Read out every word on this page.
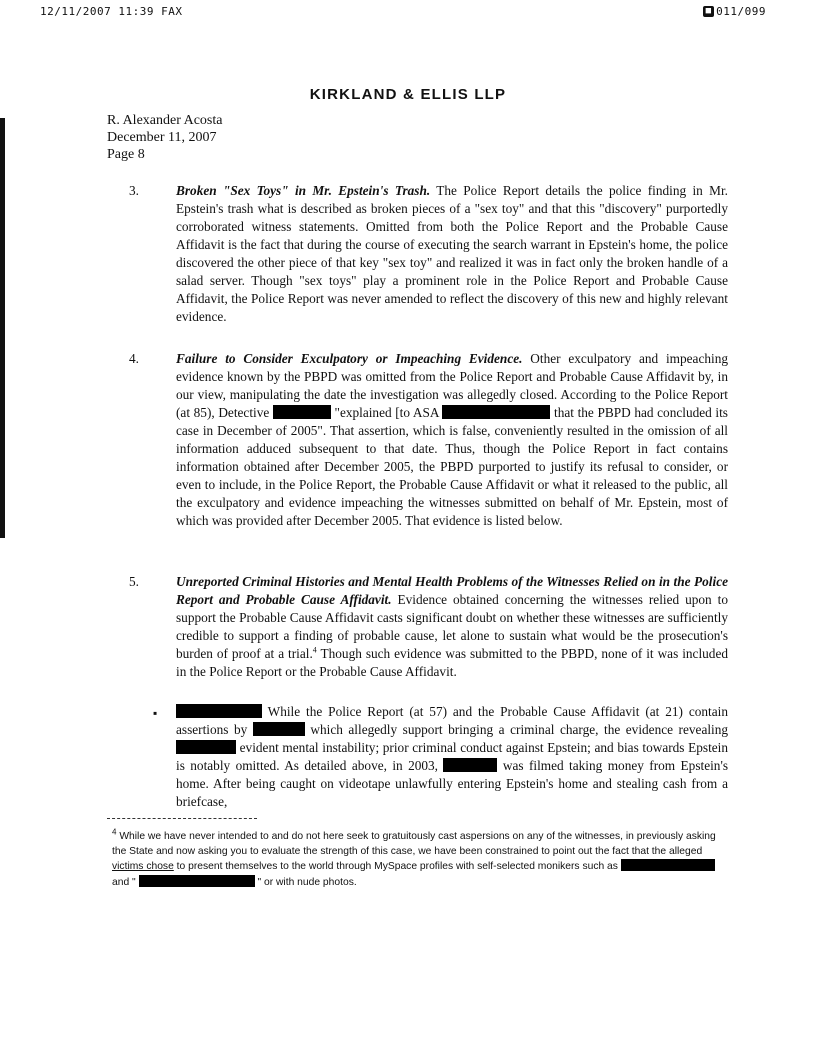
12/11/2007 11:39 FAX	■ 011/099
KIRKLAND & ELLIS LLP
R. Alexander Acosta
December 11, 2007
Page 8
3.	Broken "Sex Toys" in Mr. Epstein's Trash. The Police Report details the police finding in Mr. Epstein's trash what is described as broken pieces of a "sex toy" and that this "discovery" purportedly corroborated witness statements. Omitted from both the Police Report and the Probable Cause Affidavit is the fact that during the course of executing the search warrant in Epstein's home, the police discovered the other piece of that key "sex toy" and realized it was in fact only the broken handle of a salad server. Though "sex toys" play a prominent role in the Police Report and Probable Cause Affidavit, the Police Report was never amended to reflect the discovery of this new and highly relevant evidence.
4.	Failure to Consider Exculpatory or Impeaching Evidence. Other exculpatory and impeaching evidence known by the PBPD was omitted from the Police Report and Probable Cause Affidavit by, in our view, manipulating the date the investigation was allegedly closed. According to the Police Report (at 85), Detective	"explained [to ASA	that the PBPD had concluded its case in December of 2005". That assertion, which is false, conveniently resulted in the omission of all information adduced subsequent to that date. Thus, though the Police Report in fact contains information obtained after December 2005, the PBPD purported to justify its refusal to consider, or even to include, in the Police Report, the Probable Cause Affidavit or what it released to the public, all the exculpatory and evidence impeaching the witnesses submitted on behalf of Mr. Epstein, most of which was provided after December 2005. That evidence is listed below.
5.	Unreported Criminal Histories and Mental Health Problems of the Witnesses Relied on in the Police Report and Probable Cause Affidavit. Evidence obtained concerning the witnesses relied upon to support the Probable Cause Affidavit casts significant doubt on whether these witnesses are sufficiently credible to support a finding of probable cause, let alone to sustain what would be the prosecution's burden of proof at a trial.$^4$ Though such evidence was submitted to the PBPD, none of it was included in the Police Report or the Probable Cause Affidavit.
▪	While the Police Report (at 57) and the Probable Cause Affidavit (at 21) contain assertions by	which allegedly support bringing a criminal charge, the evidence revealing  evident mental instability; prior criminal conduct against Epstein; and bias towards Epstein is notably omitted. As detailed above, in 2003,	was filmed taking money from Epstein's home. After being caught on videotape unlawfully entering Epstein's home and stealing cash from a briefcase,
$^4$ While we have never intended to and do not here seek to gratuitously cast aspersions on any of the witnesses, in previously asking the State and now asking you to evaluate the strength of this case, we have been constrained to point out the fact that the alleged victims chose to present themselves to the world through MySpace profiles with self-selected monikers such as  and "	" or with nude photos.
